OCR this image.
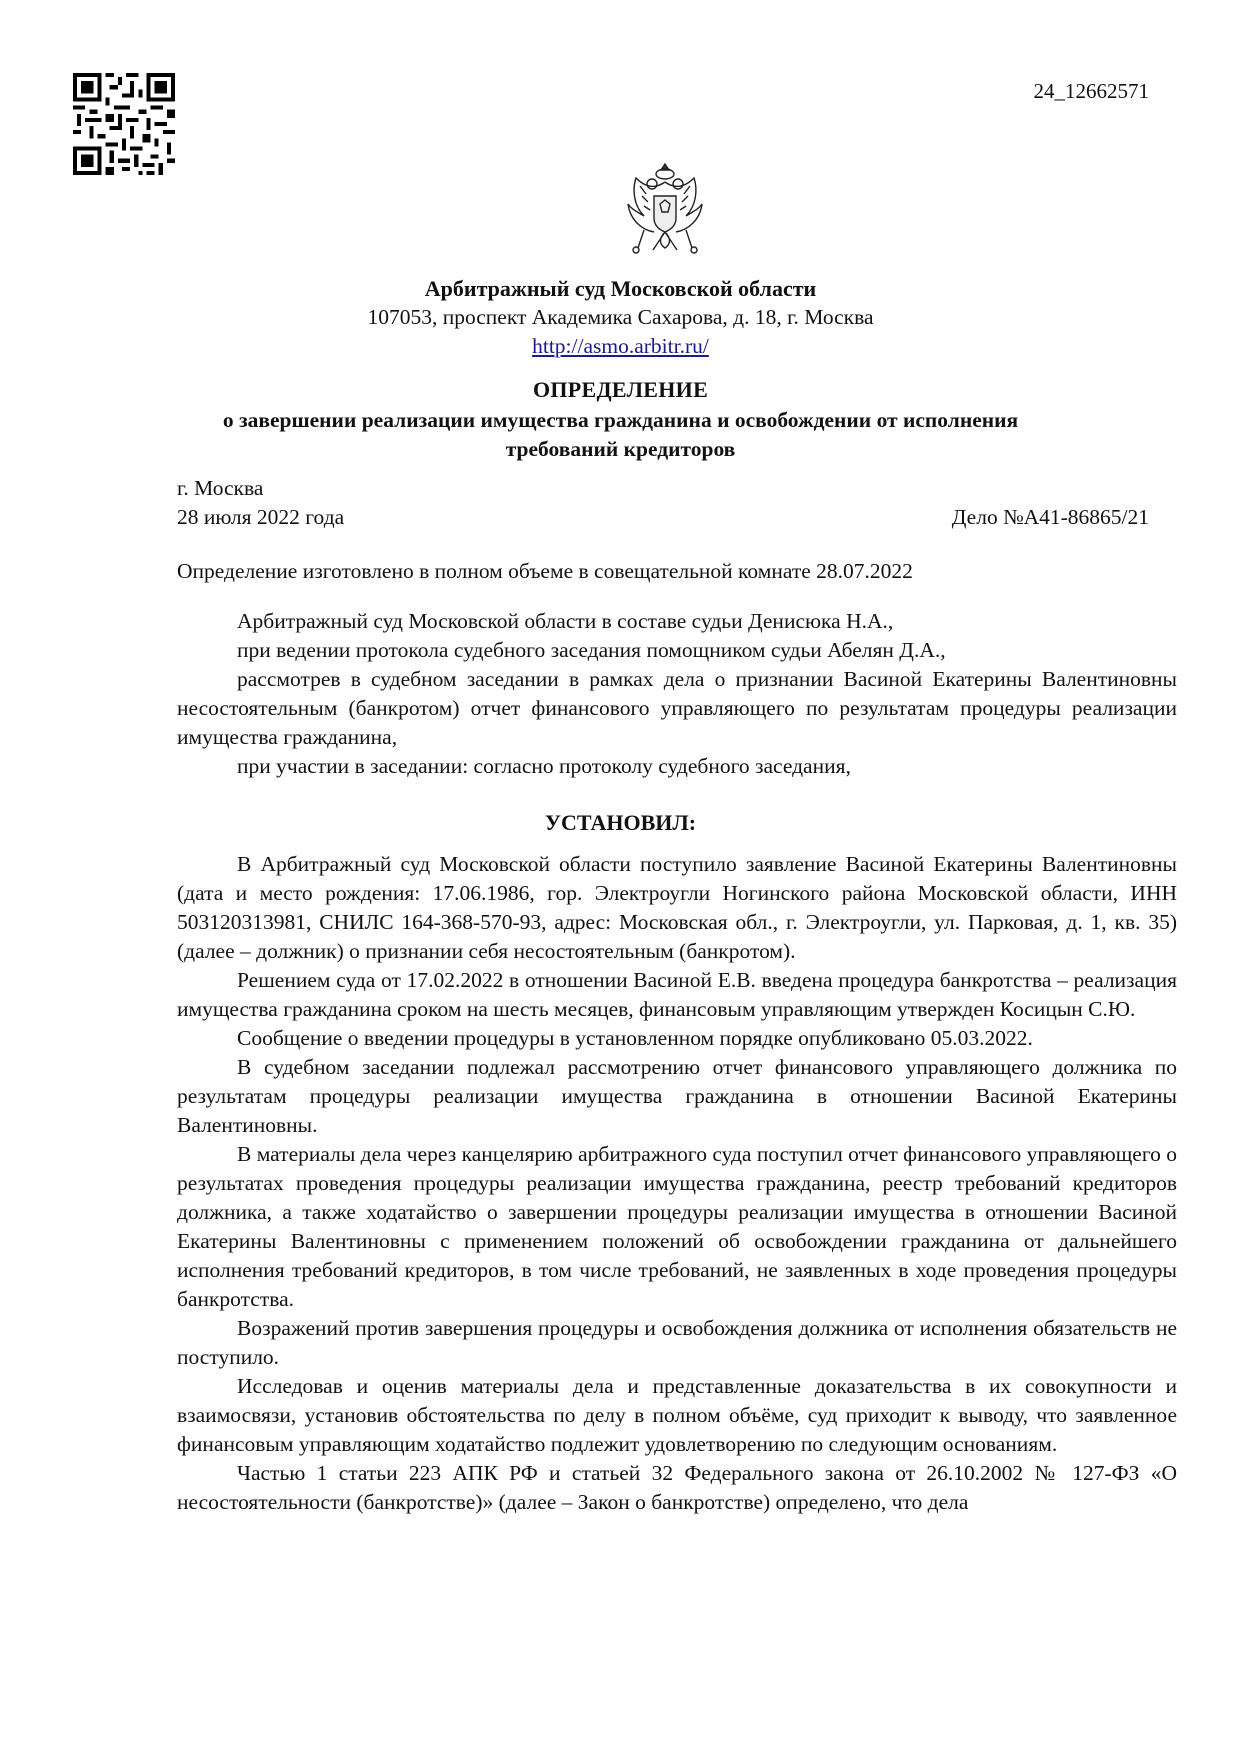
24_12662571
Арбитражный суд Московской области
107053, проспект Академика Сахарова, д. 18, г. Москва
http://asmo.arbitr.ru/
ОПРЕДЕЛЕНИЕ
о завершении реализации имущества гражданина и освобождении от исполнения требований кредиторов
г. Москва
28 июля 2022 года	Дело №А41-86865/21
Определение изготовлено в полном объеме в совещательной комнате 28.07.2022

Арбитражный суд Московской области в составе судьи Денисюка Н.А.,

при ведении протокола судебного заседания помощником судьи Абелян Д.А.,

рассмотрев в судебном заседании в рамках дела о признании Васиной Екатерины Валентиновны несостоятельным (банкротом) отчет финансового управляющего по результатам процедуры реализации имущества гражданина,

при участии в заседании: согласно протоколу судебного заседания,

УСТАНОВИЛ:

В Арбитражный суд Московской области поступило заявление Васиной Екатерины Валентиновны (дата и место рождения: 17.06.1986, гор. Электроугли Ногинского района Московской области, ИНН 503120313981, СНИЛС 164-368-570-93, адрес: Московская обл., г. Электроугли, ул. Парковая, д. 1, кв. 35) (далее – должник) о признании себя несостоятельным (банкротом).

Решением суда от 17.02.2022 в отношении Васиной Е.В. введена процедура банкротства – реализация имущества гражданина сроком на шесть месяцев, финансовым управляющим утвержден Косицын С.Ю.

Сообщение о введении процедуры в установленном порядке опубликовано 05.03.2022.

В судебном заседании подлежал рассмотрению отчет финансового управляющего должника по результатам процедуры реализации имущества гражданина в отношении Васиной Екатерины Валентиновны.

В материалы дела через канцелярию арбитражного суда поступил отчет финансового управляющего о результатах проведения процедуры реализации имущества гражданина, реестр требований кредиторов должника, а также ходатайство о завершении процедуры реализации имущества в отношении Васиной Екатерины Валентиновны с применением положений об освобождении гражданина от дальнейшего исполнения требований кредиторов, в том числе требований, не заявленных в ходе проведения процедуры банкротства.

Возражений против завершения процедуры и освобождения должника от исполнения обязательств не поступило.

Исследовав и оценив материалы дела и представленные доказательства в их совокупности и взаимосвязи, установив обстоятельства по делу в полном объёме, суд приходит к выводу, что заявленное финансовым управляющим ходатайство подлежит удовлетворению по следующим основаниям.

Частью 1 статьи 223 АПК РФ и статьей 32 Федерального закона от 26.10.2002 № 127-ФЗ «О несостоятельности (банкротстве)» (далее – Закон о банкротстве) определено, что дела
